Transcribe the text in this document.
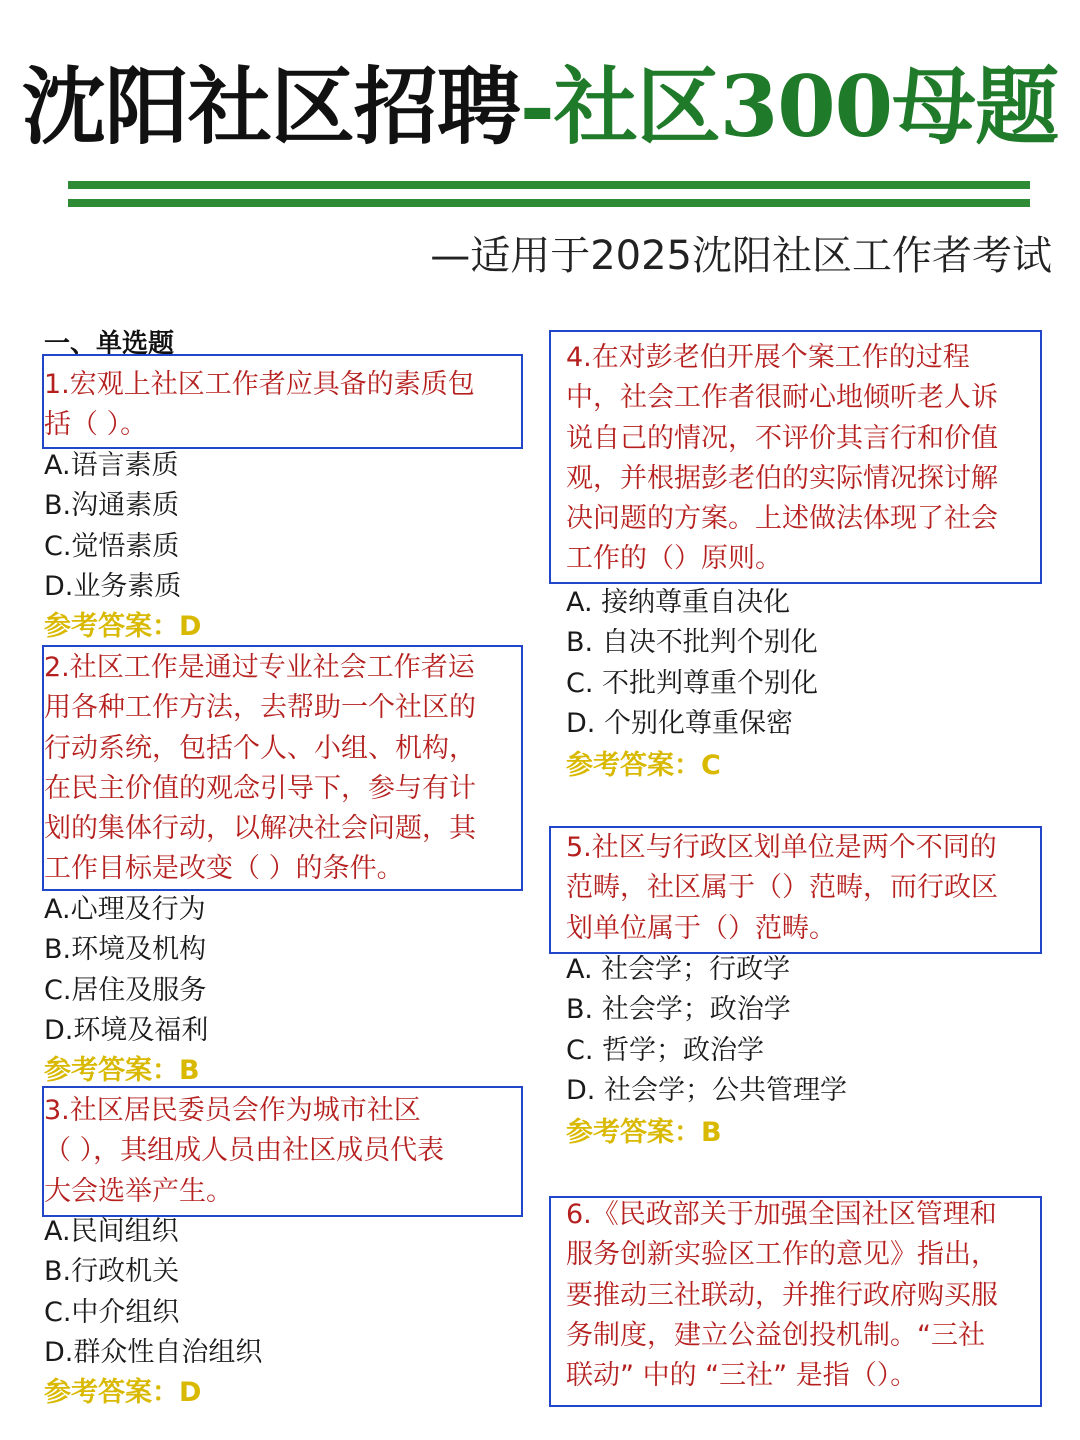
沈阳社区招聘-社区300母题
—适用于2025沈阳社区工作者考试
一、单选题
1.宏观上社区工作者应具备的素质包
括（ ）。
A.语言素质
B.沟通素质
C.觉悟素质
D.业务素质
参考答案：D
2.社区工作是通过专业社会工作者运
用各种工作方法，去帮助一个社区的
行动系统，包括个人、小组、机构，
在民主价值的观念引导下，参与有计
划的集体行动，以解决社会问题，其
工作目标是改变（ ）的条件。
A.心理及行为
B.环境及机构
C.居住及服务
D.环境及福利
参考答案：B
3.社区居民委员会作为城市社区
（ ），其组成人员由社区成员代表
大会选举产生。
A.民间组织
B.行政机关
C.中介组织
D.群众性自治组织
参考答案：D
4.在对彭老伯开展个案工作的过程
中，社会工作者很耐心地倾听老人诉
说自己的情况，不评价其言行和价值
观，并根据彭老伯的实际情况探讨解
决问题的方案。上述做法体现了社会
工作的（）原则。
A. 接纳尊重自决化
B. 自决不批判个别化
C. 不批判尊重个别化
D. 个别化尊重保密
参考答案：C
5.社区与行政区划单位是两个不同的
范畴，社区属于（）范畴，而行政区
划单位属于（）范畴。
A. 社会学；行政学
B. 社会学；政治学
C. 哲学；政治学
D. 社会学；公共管理学
参考答案：B
6.《民政部关于加强全国社区管理和
服务创新实验区工作的意见》指出，
要推动三社联动，并推行政府购买服
务制度，建立公益创投机制。“三社
联动” 中的 “三社” 是指（）。
